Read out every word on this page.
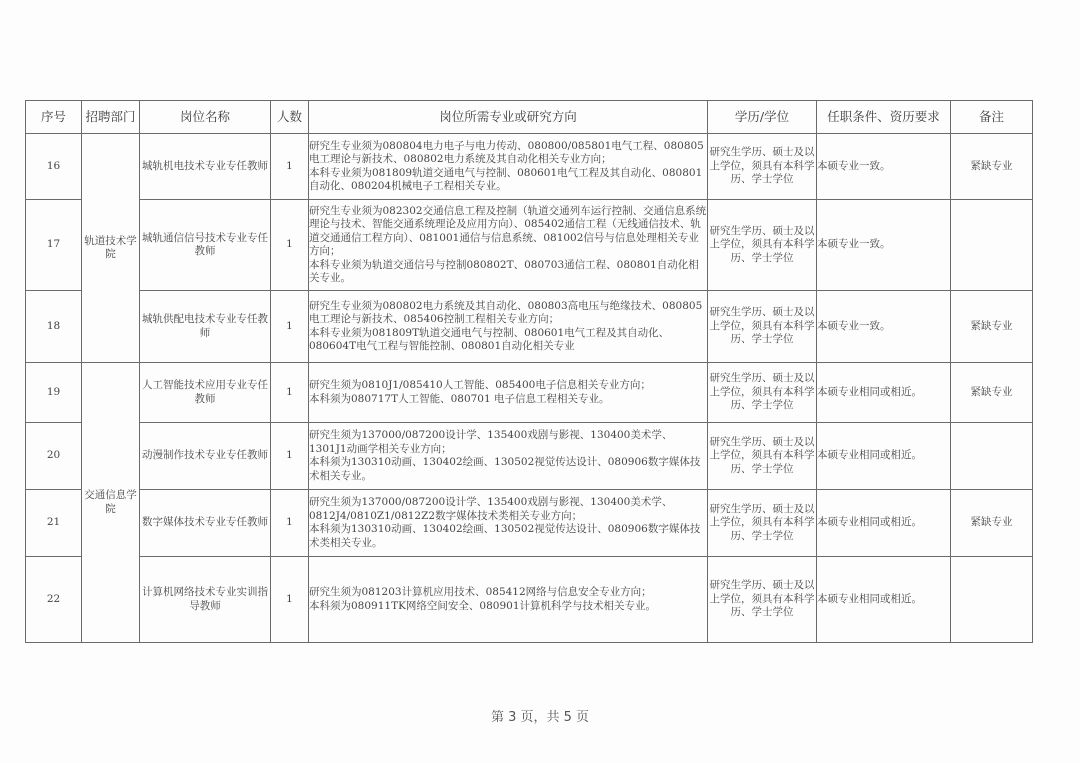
序号	招聘部门	岗位名称	人数	岗位所需专业或研究方向	学历/学位	任职条件、资历要求	备注
16	轨道技术学院	城轨机电技术专业专任教师	1	研究生专业须为080804电力电子与电力传动、080800/085801电气工程、080805电工理论与新技术、080802电力系统及其自动化相关专业方向；
本科专业须为081809轨道交通电气与控制、080601电气工程及其自动化、080801自动化、080204机械电子工程相关专业。	研究生学历、硕士及以上学位，须具有本科学历、学士学位	本硕专业一致。	紧缺专业
17		城轨通信信号技术专业专任教师	1	研究生专业须为082302交通信息工程及控制（轨道交通列车运行控制、交通信息系统理论与技术、智能交通系统理论及应用方向）、085402通信工程（无线通信技术、轨道交通通信工程方向）、081001通信与信息系统、081002信号与信息处理相关专业方向；
本科专业须为轨道交通信号与控制080802T、080703通信工程、080801自动化相关专业。	研究生学历、硕士及以上学位，须具有本科学历、学士学位	本硕专业一致。	
18		城轨供配电技术专业专任教师	1	研究生专业须为080802电力系统及其自动化、080803高电压与绝缘技术、080805电工理论与新技术、085406控制工程相关专业方向；
本科专业须为081809T轨道交通电气与控制、080601电气工程及其自动化、080604T电气工程与智能控制、080801自动化相关专业	研究生学历、硕士及以上学位，须具有本科学历、学士学位	本硕专业一致。	紧缺专业
19	交通信息学院	人工智能技术应用专业专任教师	1	研究生须为0810J1/085410人工智能、085400电子信息相关专业方向；
本科须为080717T人工智能、080701 电子信息工程相关专业。	研究生学历、硕士及以上学位，须具有本科学历、学士学位	本硕专业相同或相近。	紧缺专业
20		动漫制作技术专业专任教师	1	研究生须为137000/087200设计学、135400戏剧与影视、130400美术学、1301J1动画学相关专业方向；
本科须为130310动画、130402绘画、130502视觉传达设计、080906数字媒体技术相关专业。	研究生学历、硕士及以上学位，须具有本科学历、学士学位	本硕专业相同或相近。	
21		数字媒体技术专业专任教师	1	研究生须为137000/087200设计学、135400戏剧与影视、130400美术学、
0812J4/0810Z1/0812Z2数字媒体技术类相关专业方向；
本科须为130310动画、130402绘画、130502视觉传达设计、080906数字媒体技术类相关专业。	研究生学历、硕士及以上学位，须具有本科学历、学士学位	本硕专业相同或相近。	紧缺专业
22		计算机网络技术专业实训指导教师	1	研究生须为081203计算机应用技术、085412网络与信息安全专业方向；
本科须为080911TK网络空间安全、080901计算机科学与技术相关专业。	研究生学历、硕士及以上学位，须具有本科学历、学士学位	本硕专业相同或相近。	
第 3 页，共 5 页
